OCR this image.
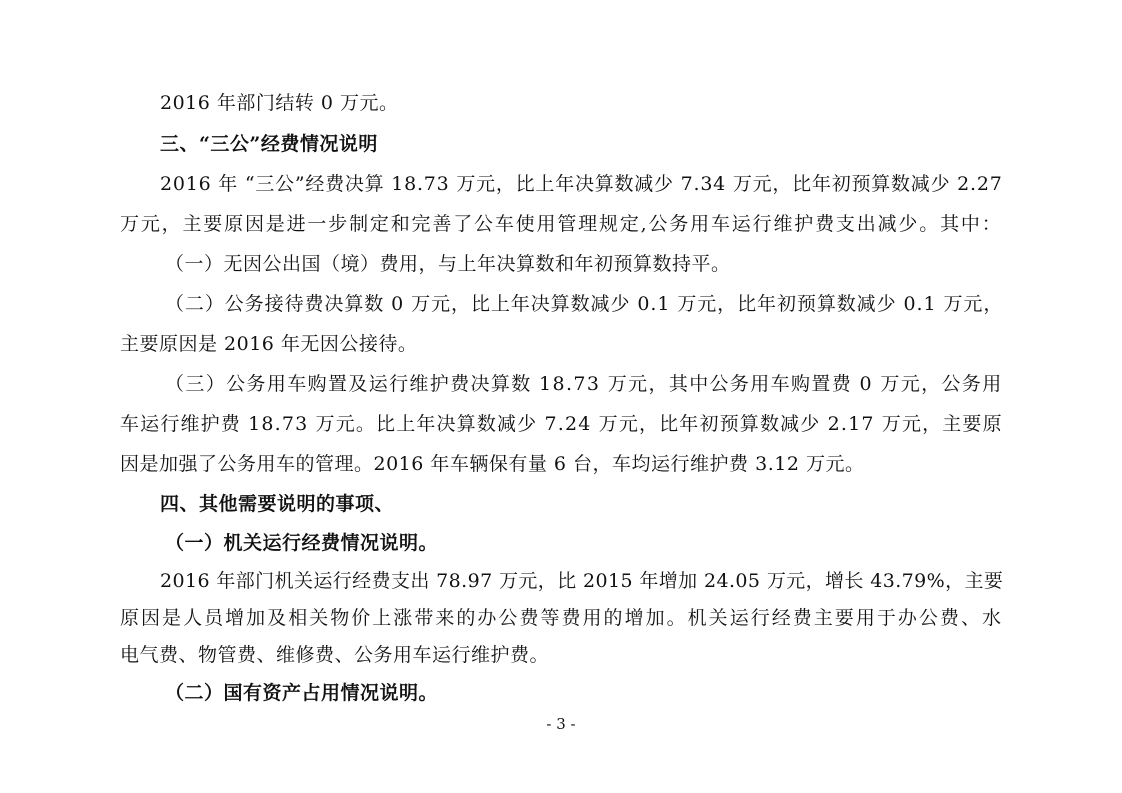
2016 年部门结转 0 万元。
三、“三公”经费情况说明
2016 年 “三公”经费决算 18.73 万元，比上年决算数减少 7.34 万元，比年初预算数减少 2.27
万元，主要原因是进一步制定和完善了公车使用管理规定,公务用车运行维护费支出减少。其中：
（一）无因公出国（境）费用，与上年决算数和年初预算数持平。
（二）公务接待费决算数 0 万元，比上年决算数减少 0.1 万元，比年初预算数减少 0.1 万元，
主要原因是 2016 年无因公接待。
（三）公务用车购置及运行维护费决算数 18.73 万元，其中公务用车购置费 0 万元，公务用
车运行维护费 18.73 万元。比上年决算数减少 7.24 万元，比年初预算数减少 2.17 万元，主要原
因是加强了公务用车的管理。2016 年车辆保有量 6 台，车均运行维护费 3.12 万元。
四、其他需要说明的事项、
（一）机关运行经费情况说明。
2016 年部门机关运行经费支出 78.97 万元，比 2015 年增加 24.05 万元，增长 43.79%，主要
原因是人员增加及相关物价上涨带来的办公费等费用的增加。机关运行经费主要用于办公费、水
电气费、物管费、维修费、公务用车运行维护费。
（二）国有资产占用情况说明。
- 3 -
